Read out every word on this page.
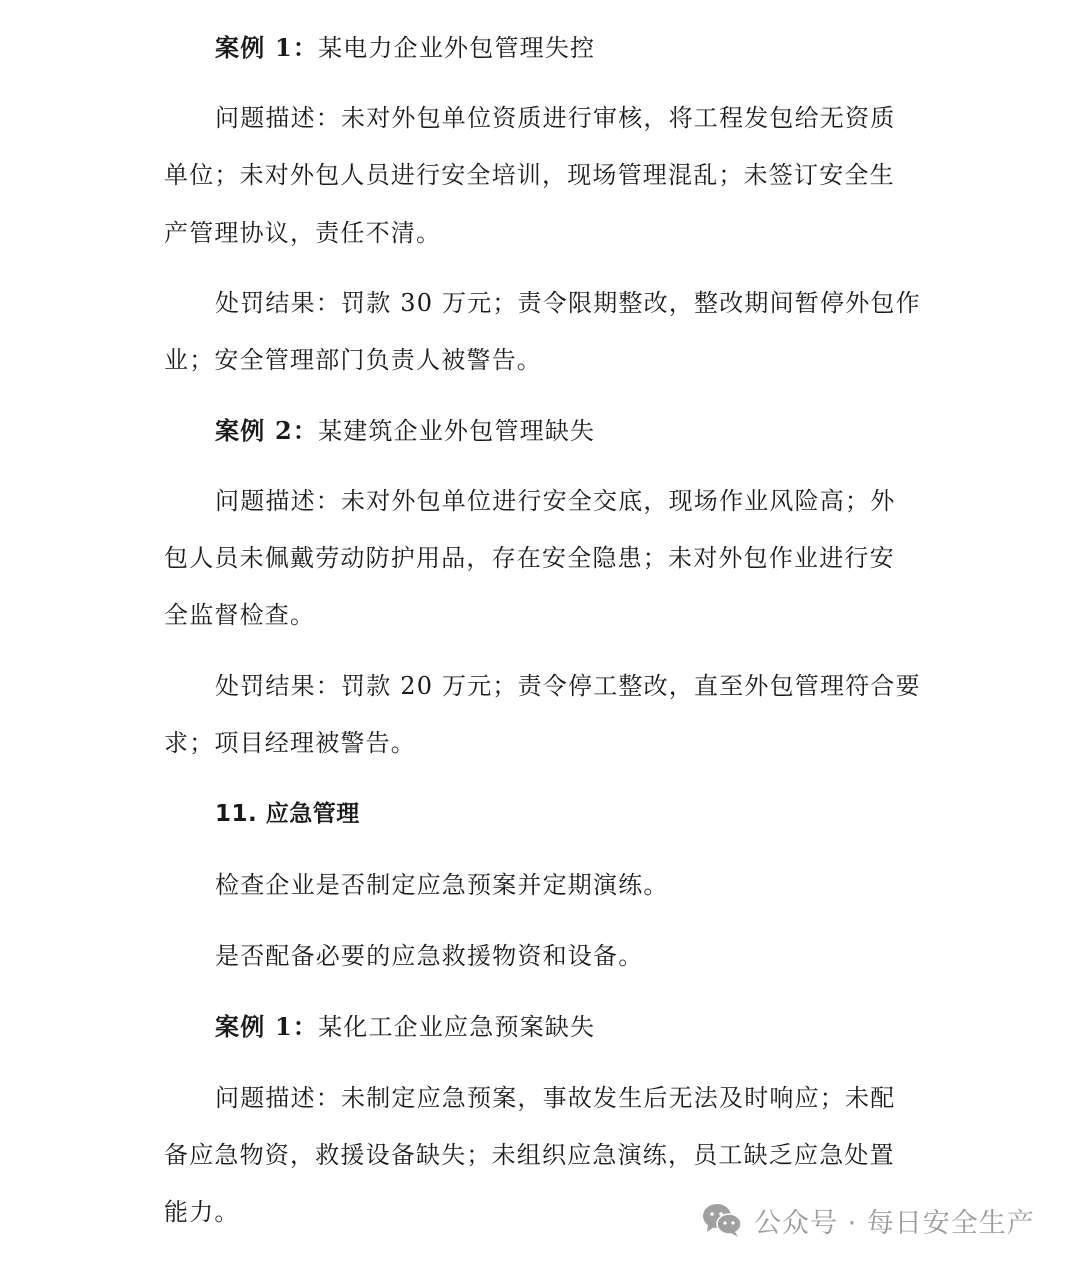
案例 1：某电力企业外包管理失控
问题描述：未对外包单位资质进行审核，将工程发包给无资质
单位；未对外包人员进行安全培训，现场管理混乱；未签订安全生
产管理协议，责任不清。
处罚结果：罚款 30 万元；责令限期整改，整改期间暂停外包作
业；安全管理部门负责人被警告。
案例 2：某建筑企业外包管理缺失
问题描述：未对外包单位进行安全交底，现场作业风险高；外
包人员未佩戴劳动防护用品，存在安全隐患；未对外包作业进行安
全监督检查。
处罚结果：罚款 20 万元；责令停工整改，直至外包管理符合要
求；项目经理被警告。
11. 应急管理
检查企业是否制定应急预案并定期演练。
是否配备必要的应急救援物资和设备。
案例 1：某化工企业应急预案缺失
问题描述：未制定应急预案，事故发生后无法及时响应；未配
备应急物资，救援设备缺失；未组织应急演练，员工缺乏应急处置
能力。	公众号 · 每日安全生产
